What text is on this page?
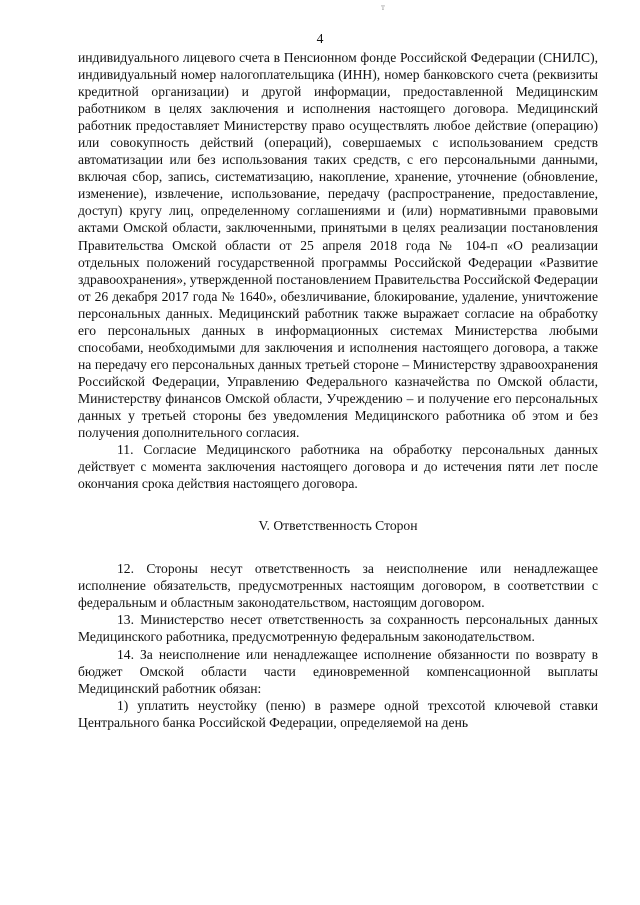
т
4

индивидуального лицевого счета в Пенсионном фонде Российской Федерации (СНИЛС), индивидуальный номер налогоплательщика (ИНН), номер банковского счета (реквизиты кредитной организации) и другой информации, предоставленной Медицинским работником в целях заключения и исполнения настоящего договора. Медицинский работник предоставляет Министерству право осуществлять любое действие (операцию) или совокупность действий (операций), совершаемых с использованием средств автоматизации или без использования таких средств, с его персональными данными, включая сбор, запись, систематизацию, накопление, хранение, уточнение (обновление, изменение), извлечение, использование, передачу (распространение, предоставление, доступ) кругу лиц, определенному соглашениями и (или) нормативными правовыми актами Омской области, заключенными, принятыми в целях реализации постановления Правительства Омской области от 25 апреля 2018 года № 104-п «О реализации отдельных положений государственной программы Российской Федерации «Развитие здравоохранения», утвержденной постановлением Правительства Российской Федерации от 26 декабря 2017 года № 1640», обезличивание, блокирование, удаление, уничтожение персональных данных. Медицинский работник также выражает согласие на обработку его персональных данных в информационных системах Министерства любыми способами, необходимыми для заключения и исполнения настоящего договора, а также на передачу его персональных данных третьей стороне – Министерству здравоохранения Российской Федерации, Управлению Федерального казначейства по Омской области, Министерству финансов Омской области, Учреждению – и получение его персональных данных у третьей стороны без уведомления Медицинского работника об этом и без получения дополнительного согласия.

11. Согласие Медицинского работника на обработку персональных данных действует с момента заключения настоящего договора и до истечения пяти лет после окончания срока действия настоящего договора.

V. Ответственность Сторон

12. Стороны несут ответственность за неисполнение или ненадлежащее исполнение обязательств, предусмотренных настоящим договором, в соответствии с федеральным и областным законодательством, настоящим договором.

13. Министерство несет ответственность за сохранность персональных данных Медицинского работника, предусмотренную федеральным законодательством.

14. За неисполнение или ненадлежащее исполнение обязанности по возврату в бюджет Омской области части единовременной компенсационной выплаты Медицинский работник обязан:

1) уплатить неустойку (пеню) в размере одной трехсотой ключевой ставки Центрального банка Российской Федерации, определяемой на день
